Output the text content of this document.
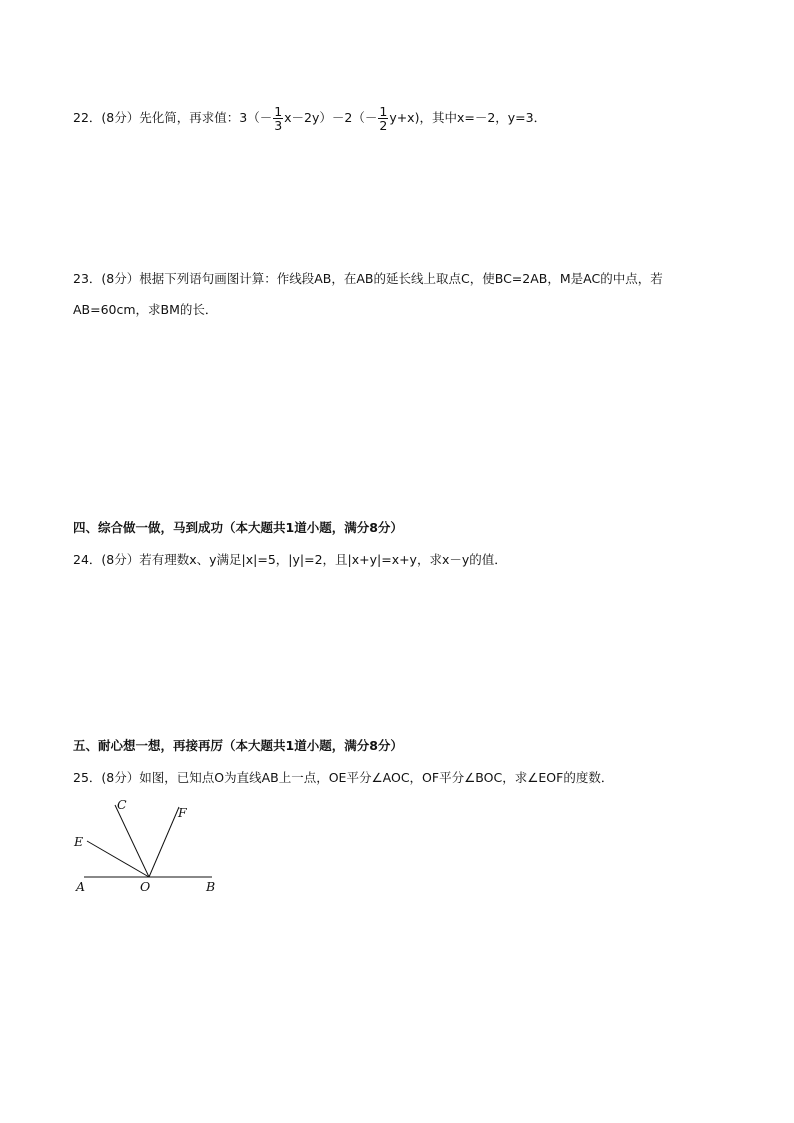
22．(8分）先化简，再求值：$3(- \frac{1}{3} x-2y)-2(- \frac{1}{2} y+x)$，其中x=－2，y=3．
23．(8分）根据下列语句画图计算：作线段AB，在AB的延长线上取点C，使BC=2AB，M是AC的中点，若
AB=60cm，求BM的长．
四、综合做一做，马到成功（本大题共1道小题，满分8分）
24．(8分）若有理数x、y满足|x|=5，|y|=2，且|x+y|=x+y，求x－y的值．
五、耐心想一想，再接再厉（本大题共1道小题，满分8分）
25．(8分）如图，已知点O为直线AB上一点，OE平分∠AOC，OF平分∠BOC，求∠EOF的度数．
C
F
E
A	O	B
